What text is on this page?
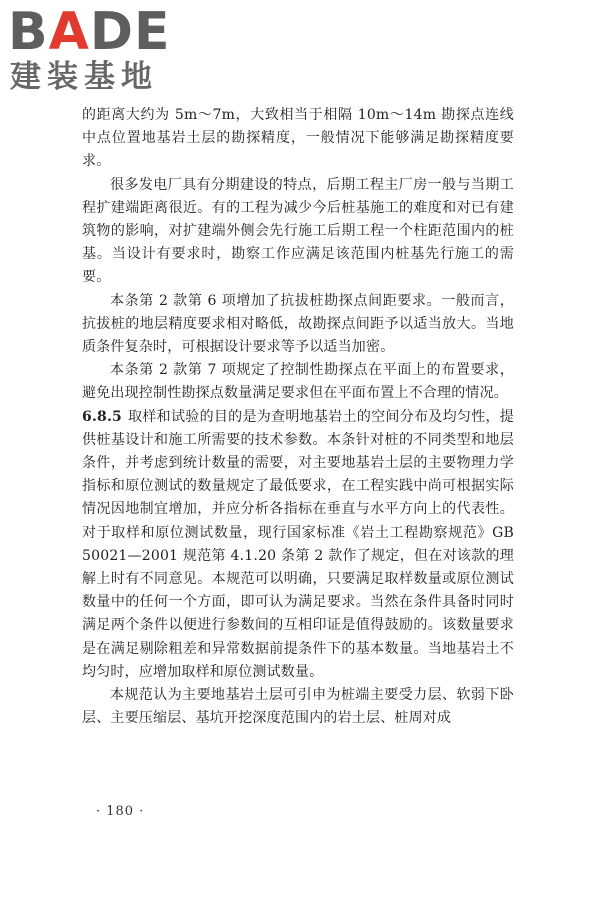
BADE
建装基地

的距离大约为 5m～7m，大致相当于相隔 10m～14m 勘探点连线中点位置地基岩土层的勘探精度，一般情况下能够满足勘探精度要求。

很多发电厂具有分期建设的特点，后期工程主厂房一般与当期工程扩建端距离很近。有的工程为减少今后桩基施工的难度和对已有建筑物的影响，对扩建端外侧会先行施工后期工程一个柱距范围内的桩基。当设计有要求时，勘察工作应满足该范围内桩基先行施工的需要。

本条第 2 款第 6 项增加了抗拔桩勘探点间距要求。一般而言，抗拔桩的地层精度要求相对略低，故勘探点间距予以适当放大。当地质条件复杂时，可根据设计要求等予以适当加密。

本条第 2 款第 7 项规定了控制性勘探点在平面上的布置要求，避免出现控制性勘探点数量满足要求但在平面布置上不合理的情况。

6.8.5 取样和试验的目的是为查明地基岩土的空间分布及均匀性，提供桩基设计和施工所需要的技术参数。本条针对桩的不同类型和地层条件，并考虑到统计数量的需要，对主要地基岩土层的主要物理力学指标和原位测试的数量规定了最低要求，在工程实践中尚可根据实际情况因地制宜增加，并应分析各指标在垂直与水平方向上的代表性。对于取样和原位测试数量，现行国家标准《岩土工程勘察规范》GB 50021—2001 规范第 4.1.20 条第 2 款作了规定，但在对该款的理解上时有不同意见。本规范可以明确，只要满足取样数量或原位测试数量中的任何一个方面，即可认为满足要求。当然在条件具备时同时满足两个条件以便进行参数间的互相印证是值得鼓励的。该数量要求是在满足剔除粗差和异常数据前提条件下的基本数量。当地基岩土不均匀时，应增加取样和原位测试数量。

本规范认为主要地基岩土层可引申为桩端主要受力层、软弱下卧层、主要压缩层、基坑开挖深度范围内的岩土层、桩周对成

· 180 ·
